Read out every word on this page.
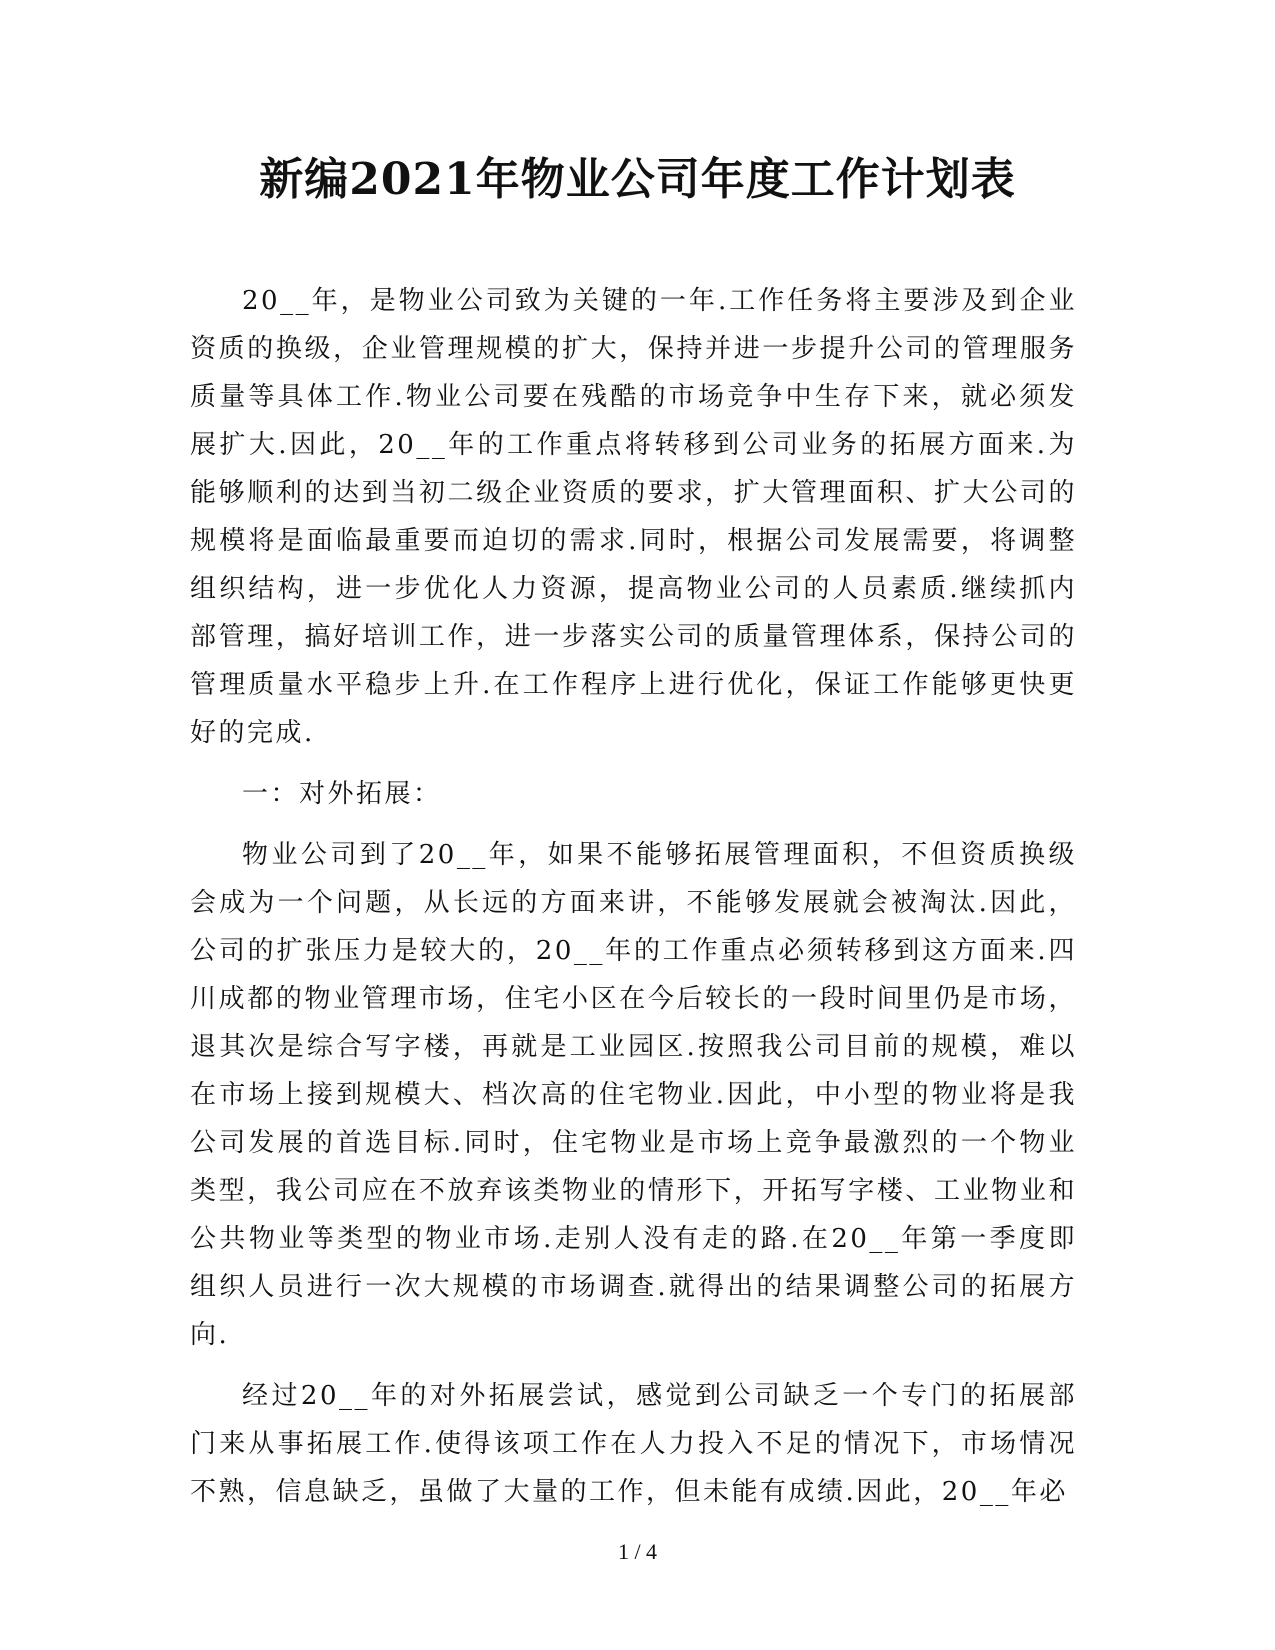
新编2021年物业公司年度工作计划表

20__年，是物业公司致为关键的一年.工作任务将主要涉及到企业资质的换级，企业管理规模的扩大，保持并进一步提升公司的管理服务质量等具体工作.物业公司要在残酷的市场竞争中生存下来，就必须发展扩大.因此，20__年的工作重点将转移到公司业务的拓展方面来.为能够顺利的达到当初二级企业资质的要求，扩大管理面积、扩大公司的规模将是面临最重要而迫切的需求.同时，根据公司发展需要，将调整组织结构，进一步优化人力资源，提高物业公司的人员素质.继续抓内部管理，搞好培训工作，进一步落实公司的质量管理体系，保持公司的管理质量水平稳步上升.在工作程序上进行优化，保证工作能够更快更好的完成.

一：对外拓展：

物业公司到了20__年，如果不能够拓展管理面积，不但资质换级会成为一个问题，从长远的方面来讲，不能够发展就会被淘汰.因此，公司的扩张压力是较大的，20__年的工作重点必须转移到这方面来.四川成都的物业管理市场，住宅小区在今后较长的一段时间里仍是市场，退其次是综合写字楼，再就是工业园区.按照我公司目前的规模，难以在市场上接到规模大、档次高的住宅物业.因此，中小型的物业将是我公司发展的首选目标.同时，住宅物业是市场上竞争最激烈的一个物业类型，我公司应在不放弃该类物业的情形下，开拓写字楼、工业物业和公共物业等类型的物业市场.走别人没有走的路.在20__年第一季度即组织人员进行一次大规模的市场调查.就得出的结果调整公司的拓展方向.

经过20__年的对外拓展尝试，感觉到公司缺乏一个专门的拓展部门来从事拓展工作.使得该项工作在人力投入不足的情况下，市场情况不熟，信息缺乏，虽做了大量的工作，但未能有成绩.因此，20__年必

1 / 4
